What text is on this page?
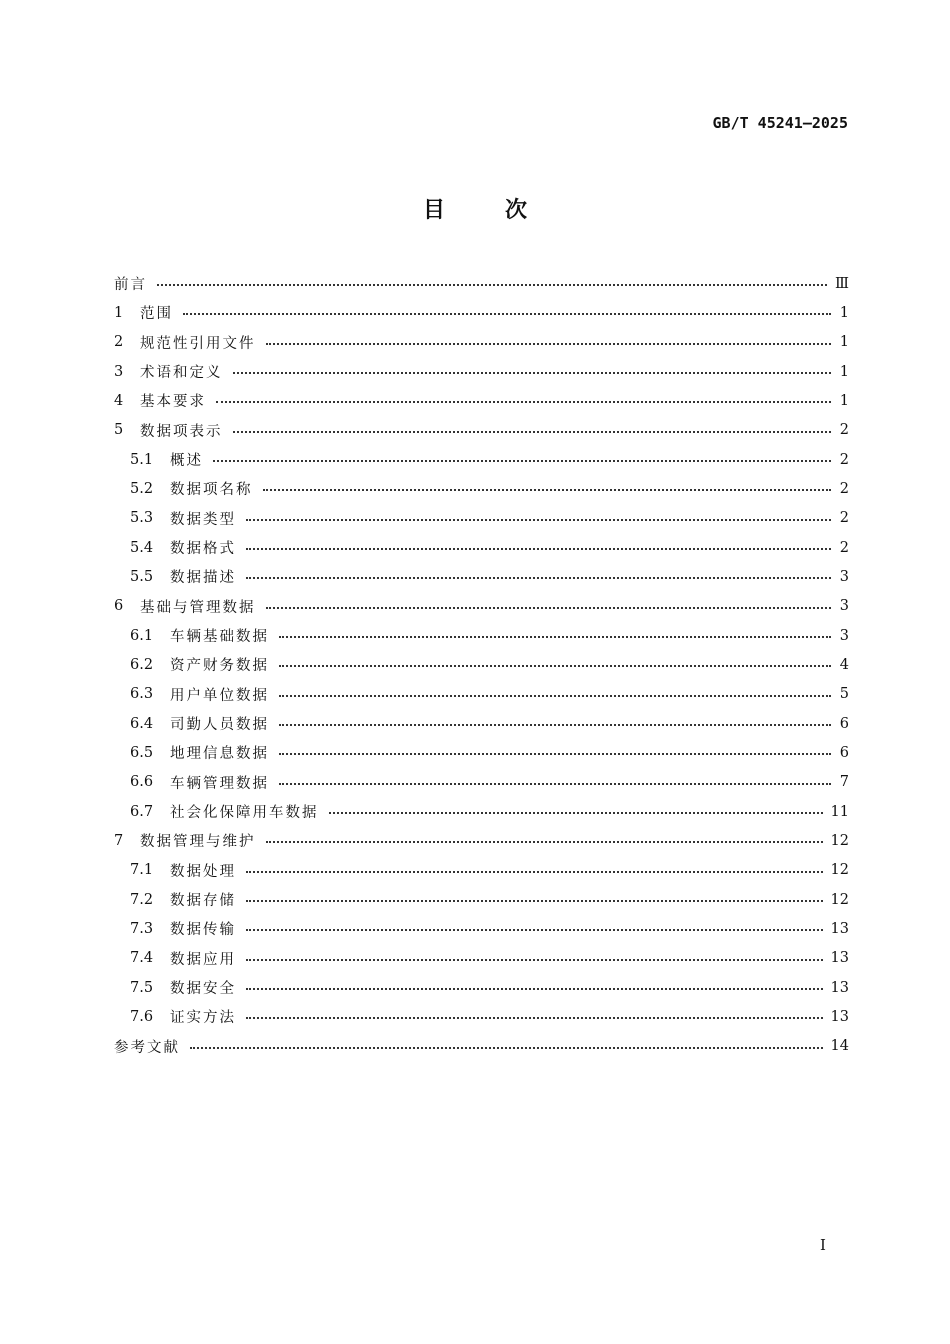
GB/T 45241—2025
目	次
前言	Ⅲ
1	范围	1
2	规范性引用文件	1
3	术语和定义	1
4	基本要求	1
5	数据项表示	2
5.1	概述	2
5.2	数据项名称	2
5.3	数据类型	2
5.4	数据格式	2
5.5	数据描述	3
6	基础与管理数据	3
6.1	车辆基础数据	3
6.2	资产财务数据	4
6.3	用户单位数据	5
6.4	司勤人员数据	6
6.5	地理信息数据	6
6.6	车辆管理数据	7
6.7	社会化保障用车数据	11
7	数据管理与维护	12
7.1	数据处理	12
7.2	数据存储	12
7.3	数据传输	13
7.4	数据应用	13
7.5	数据安全	13
7.6	证实方法	13
参考文献	14
I
